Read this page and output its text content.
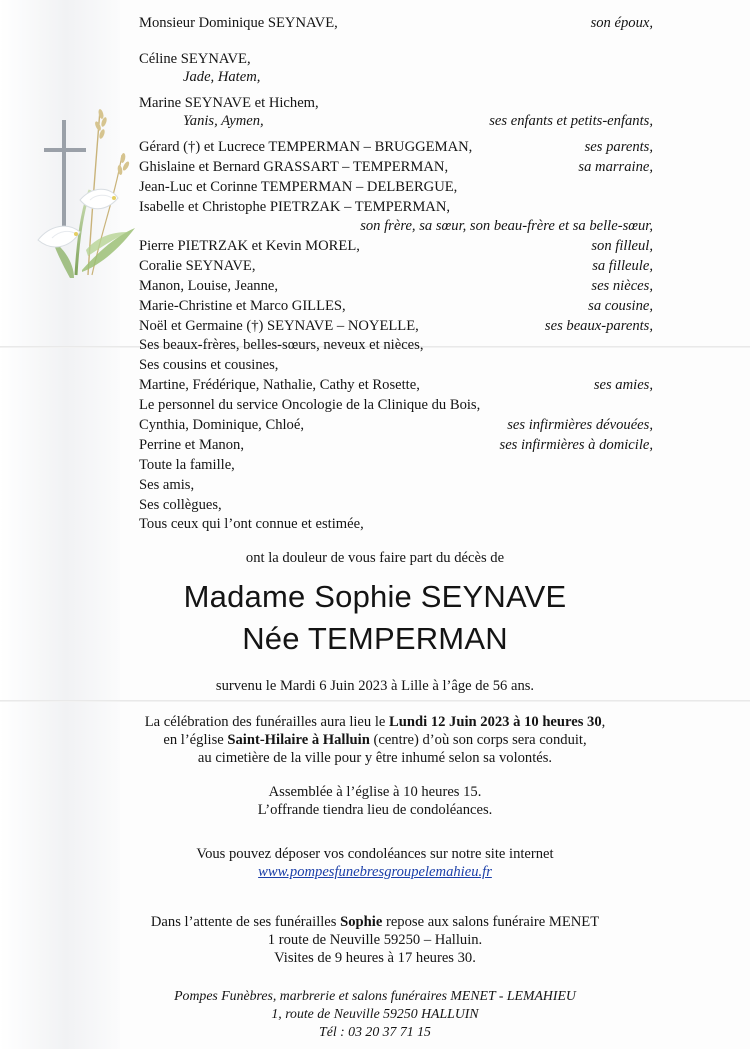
Monsieur Dominique SEYNAVE,	son époux,
Céline SEYNAVE,
Jade, Hatem,
Marine SEYNAVE et Hichem,
Yanis, Aymen,	ses enfants et petits-enfants,
Gérard (†) et Lucrece TEMPERMAN – BRUGGEMAN,	ses parents,
Ghislaine et Bernard GRASSART – TEMPERMAN,	sa marraine,
Jean-Luc et Corinne TEMPERMAN – DELBERGUE,
Isabelle et Christophe PIETRZAK – TEMPERMAN,
son frère, sa sœur, son beau-frère et sa belle-sœur,
Pierre PIETRZAK et Kevin MOREL,	son filleul,
Coralie SEYNAVE,	sa filleule,
Manon, Louise, Jeanne,	ses nièces,
Marie-Christine et Marco GILLES,	sa cousine,
Noël et Germaine (†) SEYNAVE – NOYELLE,	ses beaux-parents,
Ses beaux-frères, belles-sœurs, neveux et nièces,
Ses cousins et cousines,
Martine, Frédérique, Nathalie, Cathy et Rosette,	ses amies,
Le personnel du service Oncologie de la Clinique du Bois,
Cynthia, Dominique, Chloé,	ses infirmières dévouées,
Perrine et Manon,	ses infirmières à domicile,
Toute la famille,
Ses amis,
Ses collègues,
Tous ceux qui l’ont connue et estimée,
ont la douleur de vous faire part du décès de
Madame Sophie SEYNAVE
Née TEMPERMAN
survenu le Mardi 6 Juin 2023 à Lille à l’âge de 56 ans.
La célébration des funérailles aura lieu le Lundi 12 Juin 2023 à 10 heures 30,
en l’église Saint-Hilaire à Halluin (centre) d’où son corps sera conduit,
au cimetière de la ville pour y être inhumé selon sa volontés.
Assemblée à l’église à 10 heures 15.
L’offrande tiendra lieu de condoléances.
Vous pouvez déposer vos condoléances sur notre site internet
www.pompesfunebresgroupelemahieu.fr
Dans l’attente de ses funérailles Sophie repose aux salons funéraire MENET
1 route de Neuville 59250 – Halluin.
Visites de 9 heures à 17 heures 30.
Pompes Funèbres, marbrerie et salons funéraires MENET - LEMAHIEU
1, route de Neuville 59250 HALLUIN
Tél : 03 20 37 71 15
